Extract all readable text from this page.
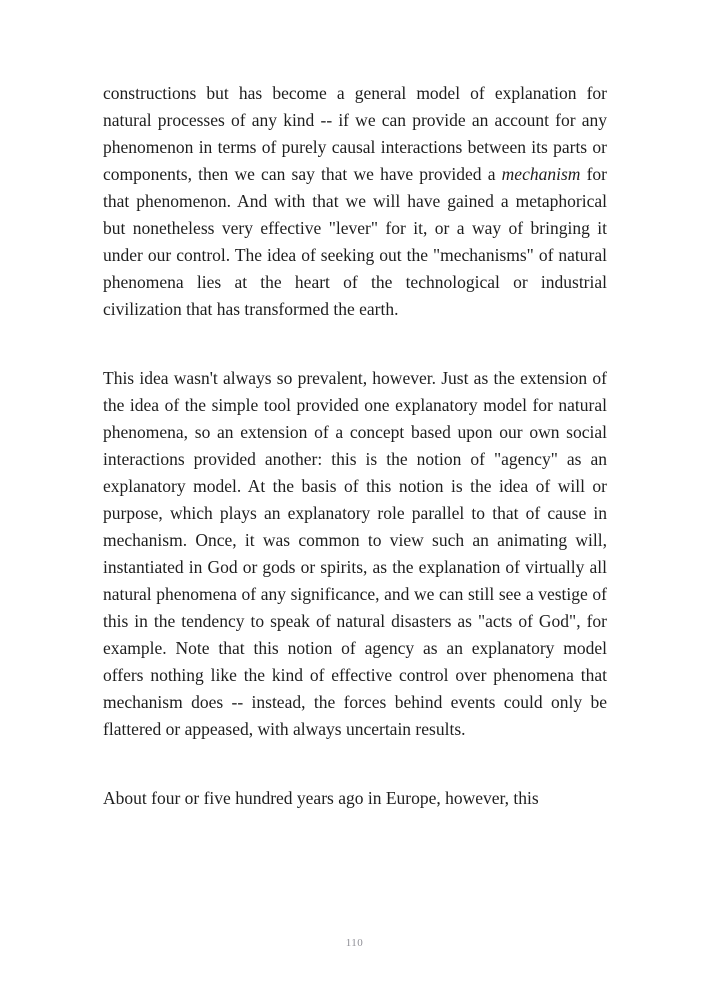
constructions but has become a general model of explanation for natural processes of any kind -- if we can provide an account for any phenomenon in terms of purely causal interactions between its parts or components, then we can say that we have provided a mechanism for that phenomenon. And with that we will have gained a metaphorical but nonetheless very effective "lever" for it, or a way of bringing it under our control. The idea of seeking out the "mechanisms" of natural phenomena lies at the heart of the technological or industrial civilization that has transformed the earth.

This idea wasn't always so prevalent, however. Just as the extension of the idea of the simple tool provided one explanatory model for natural phenomena, so an extension of a concept based upon our own social interactions provided another: this is the notion of "agency" as an explanatory model. At the basis of this notion is the idea of will or purpose, which plays an explanatory role parallel to that of cause in mechanism. Once, it was common to view such an animating will, instantiated in God or gods or spirits, as the explanation of virtually all natural phenomena of any significance, and we can still see a vestige of this in the tendency to speak of natural disasters as "acts of God", for example. Note that this notion of agency as an explanatory model offers nothing like the kind of effective control over phenomena that mechanism does -- instead, the forces behind events could only be flattered or appeased, with always uncertain results.

About four or five hundred years ago in Europe, however, this

110
